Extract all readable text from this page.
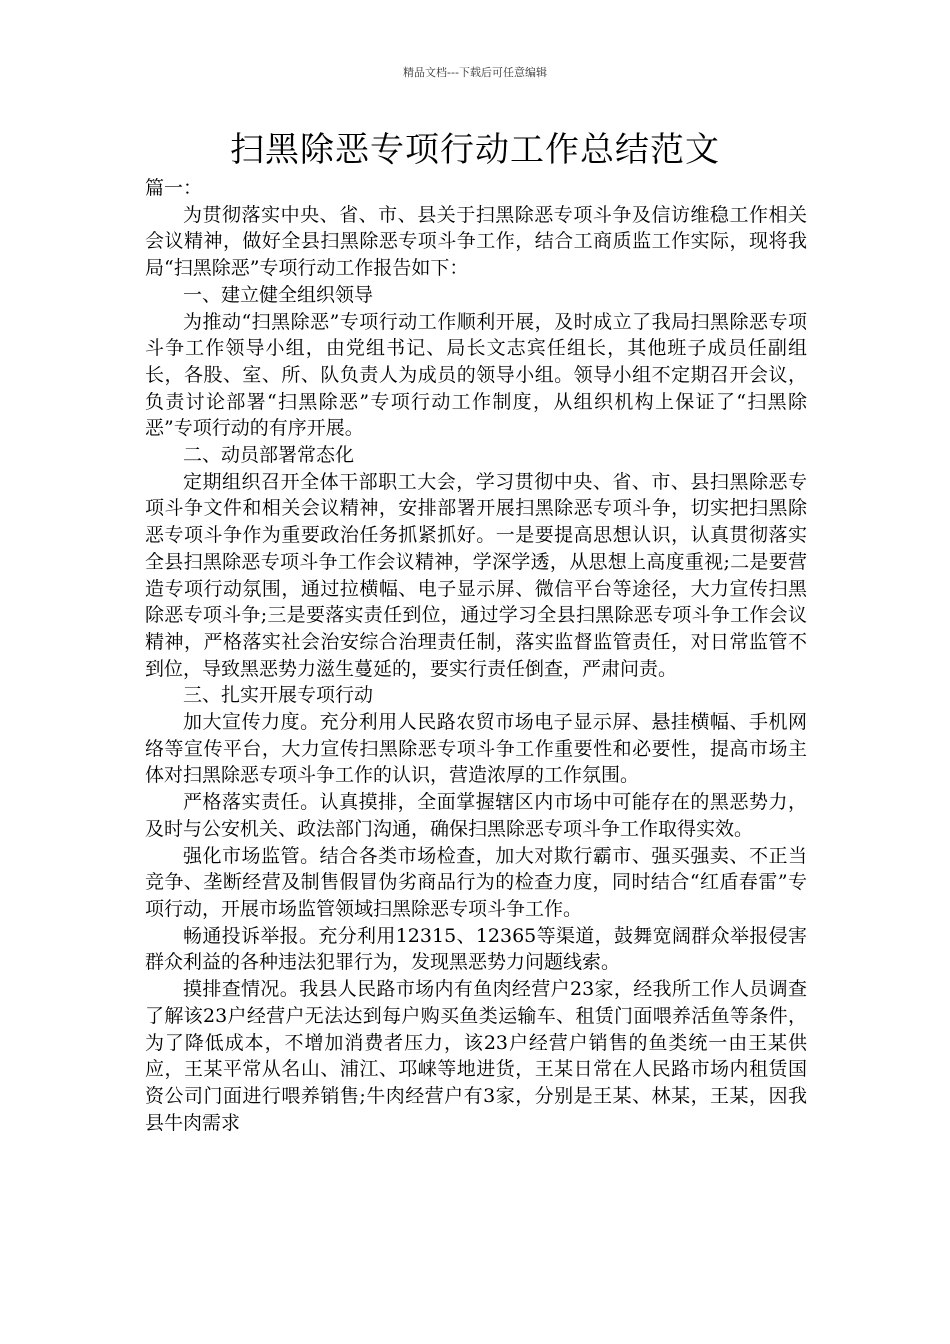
精品文档---下载后可任意编辑
扫黑除恶专项行动工作总结范文

篇一：

为贯彻落实中央、省、市、县关于扫黑除恶专项斗争及信访维稳工作相关会议精神，做好全县扫黑除恶专项斗争工作，结合工商质监工作实际，现将我局“扫黑除恶”专项行动工作报告如下：

一、建立健全组织领导

为推动“扫黑除恶”专项行动工作顺利开展，及时成立了我局扫黑除恶专项斗争工作领导小组，由党组书记、局长文志宾任组长，其他班子成员任副组长，各股、室、所、队负责人为成员的领导小组。领导小组不定期召开会议，负责讨论部署“扫黑除恶”专项行动工作制度，从组织机构上保证了“扫黑除恶”专项行动的有序开展。

二、动员部署常态化

定期组织召开全体干部职工大会，学习贯彻中央、省、市、县扫黑除恶专项斗争文件和相关会议精神，安排部署开展扫黑除恶专项斗争，切实把扫黑除恶专项斗争作为重要政治任务抓紧抓好。一是要提高思想认识，认真贯彻落实全县扫黑除恶专项斗争工作会议精神，学深学透，从思想上高度重视;二是要营造专项行动氛围，通过拉横幅、电子显示屏、微信平台等途径，大力宣传扫黑除恶专项斗争;三是要落实责任到位，通过学习全县扫黑除恶专项斗争工作会议精神，严格落实社会治安综合治理责任制，落实监督监管责任，对日常监管不到位，导致黑恶势力滋生蔓延的，要实行责任倒查，严肃问责。

三、扎实开展专项行动

加大宣传力度。充分利用人民路农贸市场电子显示屏、悬挂横幅、手机网络等宣传平台，大力宣传扫黑除恶专项斗争工作重要性和必要性，提高市场主体对扫黑除恶专项斗争工作的认识，营造浓厚的工作氛围。

严格落实责任。认真摸排，全面掌握辖区内市场中可能存在的黑恶势力，及时与公安机关、政法部门沟通，确保扫黑除恶专项斗争工作取得实效。

强化市场监管。结合各类市场检查，加大对欺行霸市、强买强卖、不正当竞争、垄断经营及制售假冒伪劣商品行为的检查力度，同时结合“红盾春雷”专项行动，开展市场监管领域扫黑除恶专项斗争工作。

畅通投诉举报。充分利用12315、12365等渠道，鼓舞宽阔群众举报侵害群众利益的各种违法犯罪行为，发现黑恶势力问题线索。

摸排查情况。我县人民路市场内有鱼肉经营户23家，经我所工作人员调查了解该23户经营户无法达到每户购买鱼类运输车、租赁门面喂养活鱼等条件，为了降低成本，不增加消费者压力，该23户经营户销售的鱼类统一由王某供应，王某平常从名山、浦江、邛崃等地进货，王某日常在人民路市场内租赁国资公司门面进行喂养销售;牛肉经营户有3家，分别是王某、林某，王某，因我县牛肉需求
